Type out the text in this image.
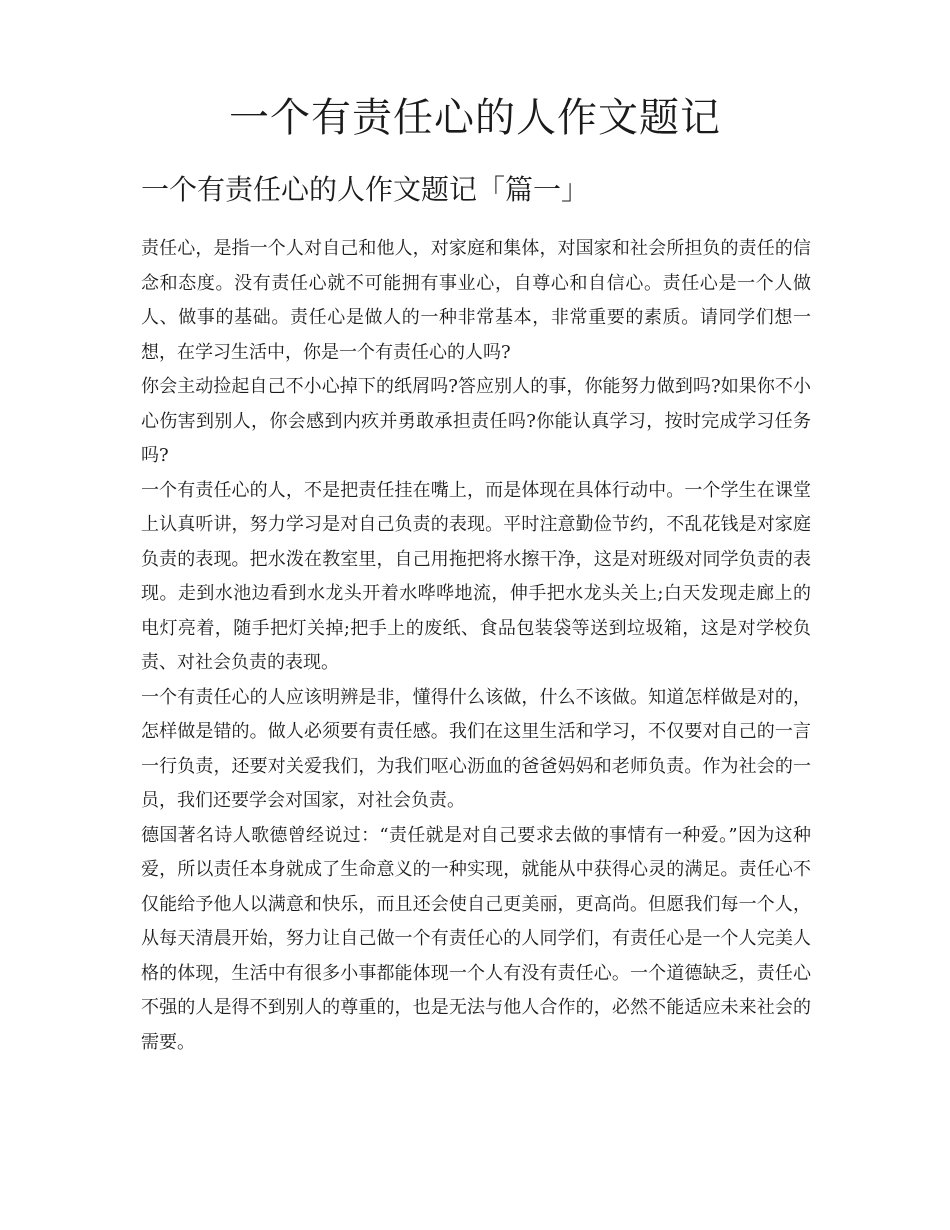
一个有责任心的人作文题记
一个有责任心的人作文题记「篇一」

责任心，是指一个人对自己和他人，对家庭和集体，对国家和社会所担负的责任的信念和态度。没有责任心就不可能拥有事业心，自尊心和自信心。责任心是一个人做人、做事的基础。责任心是做人的一种非常基本，非常重要的素质。请同学们想一想，在学习生活中，你是一个有责任心的人吗?

你会主动捡起自己不小心掉下的纸屑吗?答应别人的事，你能努力做到吗?如果你不小心伤害到别人，你会感到内疚并勇敢承担责任吗?你能认真学习，按时完成学习任务吗?

一个有责任心的人，不是把责任挂在嘴上，而是体现在具体行动中。一个学生在课堂上认真听讲，努力学习是对自己负责的表现。平时注意勤俭节约，不乱花钱是对家庭负责的表现。把水泼在教室里，自己用拖把将水擦干净，这是对班级对同学负责的表现。走到水池边看到水龙头开着水哗哗地流，伸手把水龙头关上;白天发现走廊上的电灯亮着，随手把灯关掉;把手上的废纸、食品包装袋等送到垃圾箱，这是对学校负责、对社会负责的表现。

一个有责任心的人应该明辨是非，懂得什么该做，什么不该做。知道怎样做是对的，怎样做是错的。做人必须要有责任感。我们在这里生活和学习，不仅要对自己的一言一行负责，还要对关爱我们，为我们呕心沥血的爸爸妈妈和老师负责。作为社会的一员，我们还要学会对国家，对社会负责。

德国著名诗人歌德曾经说过：“责任就是对自己要求去做的事情有一种爱。”因为这种爱，所以责任本身就成了生命意义的一种实现，就能从中获得心灵的满足。责任心不仅能给予他人以满意和快乐，而且还会使自己更美丽，更高尚。但愿我们每一个人，从每天清晨开始，努力让自己做一个有责任心的人同学们，有责任心是一个人完美人格的体现，生活中有很多小事都能体现一个人有没有责任心。一个道德缺乏，责任心不强的人是得不到别人的尊重的，也是无法与他人合作的，必然不能适应未来社会的需要。
